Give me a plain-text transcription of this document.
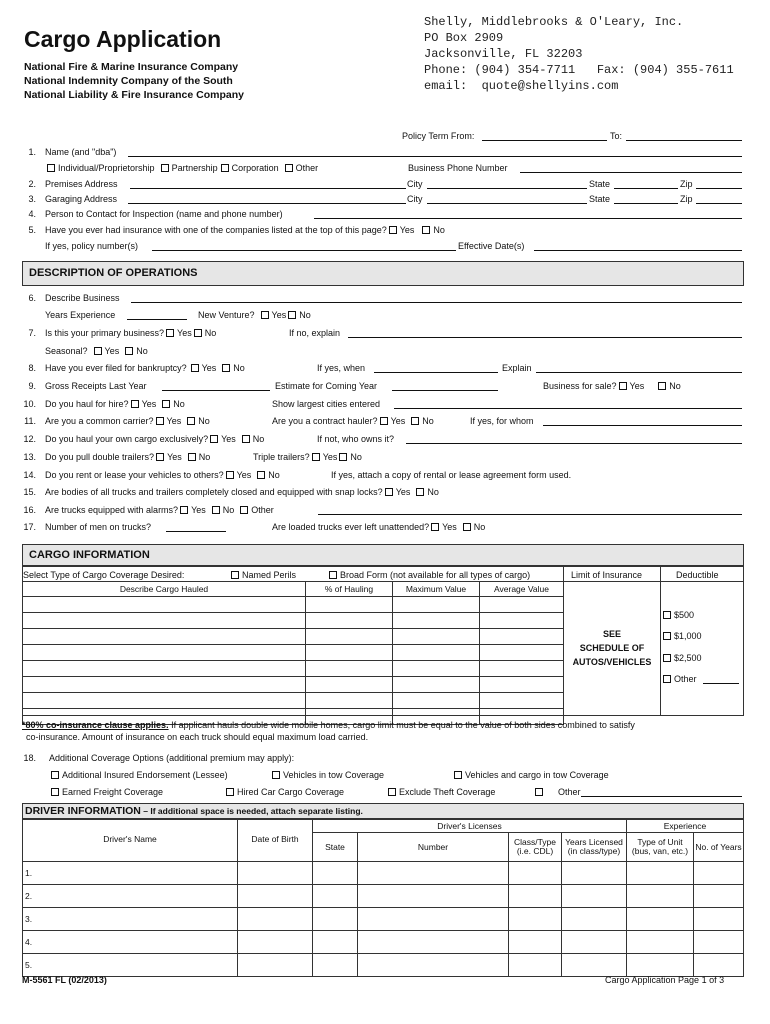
Cargo Application
National Fire & Marine Insurance Company
National Indemnity Company of the South
National Liability & Fire Insurance Company
Shelly, Middlebrooks & O'Leary, Inc.
PO Box 2909
Jacksonville, FL 32203
Phone: (904) 354-7711   Fax: (904) 355-7611
email:  quote@shellyins.com
Policy Term From:	To:
1. Name (and "dba")
Individual/Proprietorship Partnership Corporation Other	Business Phone Number
2. Premises Address	City	State	Zip
3. Garaging Address	City	State	Zip
4. Person to Contact for Inspection (name and phone number)
5. Have you ever had insurance with one of the companies listed at the top of this page? Yes No
If yes, policy number(s)	Effective Date(s)
DESCRIPTION OF OPERATIONS
6. Describe Business
Years Experience	New Venture? Yes No
7. Is this your primary business? Yes No	If no, explain
Seasonal? Yes No
8. Have you ever filed for bankruptcy? Yes No	If yes, when	Explain
9. Gross Receipts Last Year	Estimate for Coming Year	Business for sale? Yes	No
10. Do you haul for hire? Yes No	Show largest cities entered
11. Are you a common carrier? Yes No	Are you a contract hauler? Yes No	If yes, for whom
12. Do you haul your own cargo exclusively? Yes No	If not, who owns it?
13. Do you pull double trailers? Yes No	Triple trailers? Yes No
14. Do you rent or lease your vehicles to others? Yes No	If yes, attach a copy of rental or lease agreement form used.
15. Are bodies of all trucks and trailers completely closed and equipped with snap locks? Yes No
16. Are trucks equipped with alarms? Yes No Other
17. Number of men on trucks?	Are loaded trucks ever left unattended? Yes No
CARGO INFORMATION
Select Type of Cargo Coverage Desired:	Named Perils	Broad Form (not available for all types of cargo)	Limit of Insurance	Deductible
Describe Cargo Hauled	% of Hauling	Maximum Value	Average Value

SEE
SCHEDULE OF
AUTOS/VEHICLES
$500
$1,000
$2,500
Other
*80% co-insurance clause applies. If applicant hauls double wide mobile homes, cargo limit must be equal to the value of both sides combined to satisfy
co-insurance. Amount of insurance on each truck should equal maximum load carried.
18. Additional Coverage Options (additional premium may apply):
Additional Insured Endorsement (Lessee)	Vehicles in tow Coverage	Vehicles and cargo in tow Coverage
Earned Freight Coverage	Hired Car Cargo Coverage	Exclude Theft Coverage	Other
DRIVER INFORMATION – If additional space is needed, attach separate listing.
Driver's Name	Date of Birth	Driver's Licenses				Experience	
		State	Number	Class/Type (i.e. CDL)	Years Licensed (in class/type)	Type of Unit (bus, van, etc.)	No. of Years
1.							
2.							
3.							
4.							
5.							
M-5561 FL (02/2013)	Cargo Application Page 1 of 3
